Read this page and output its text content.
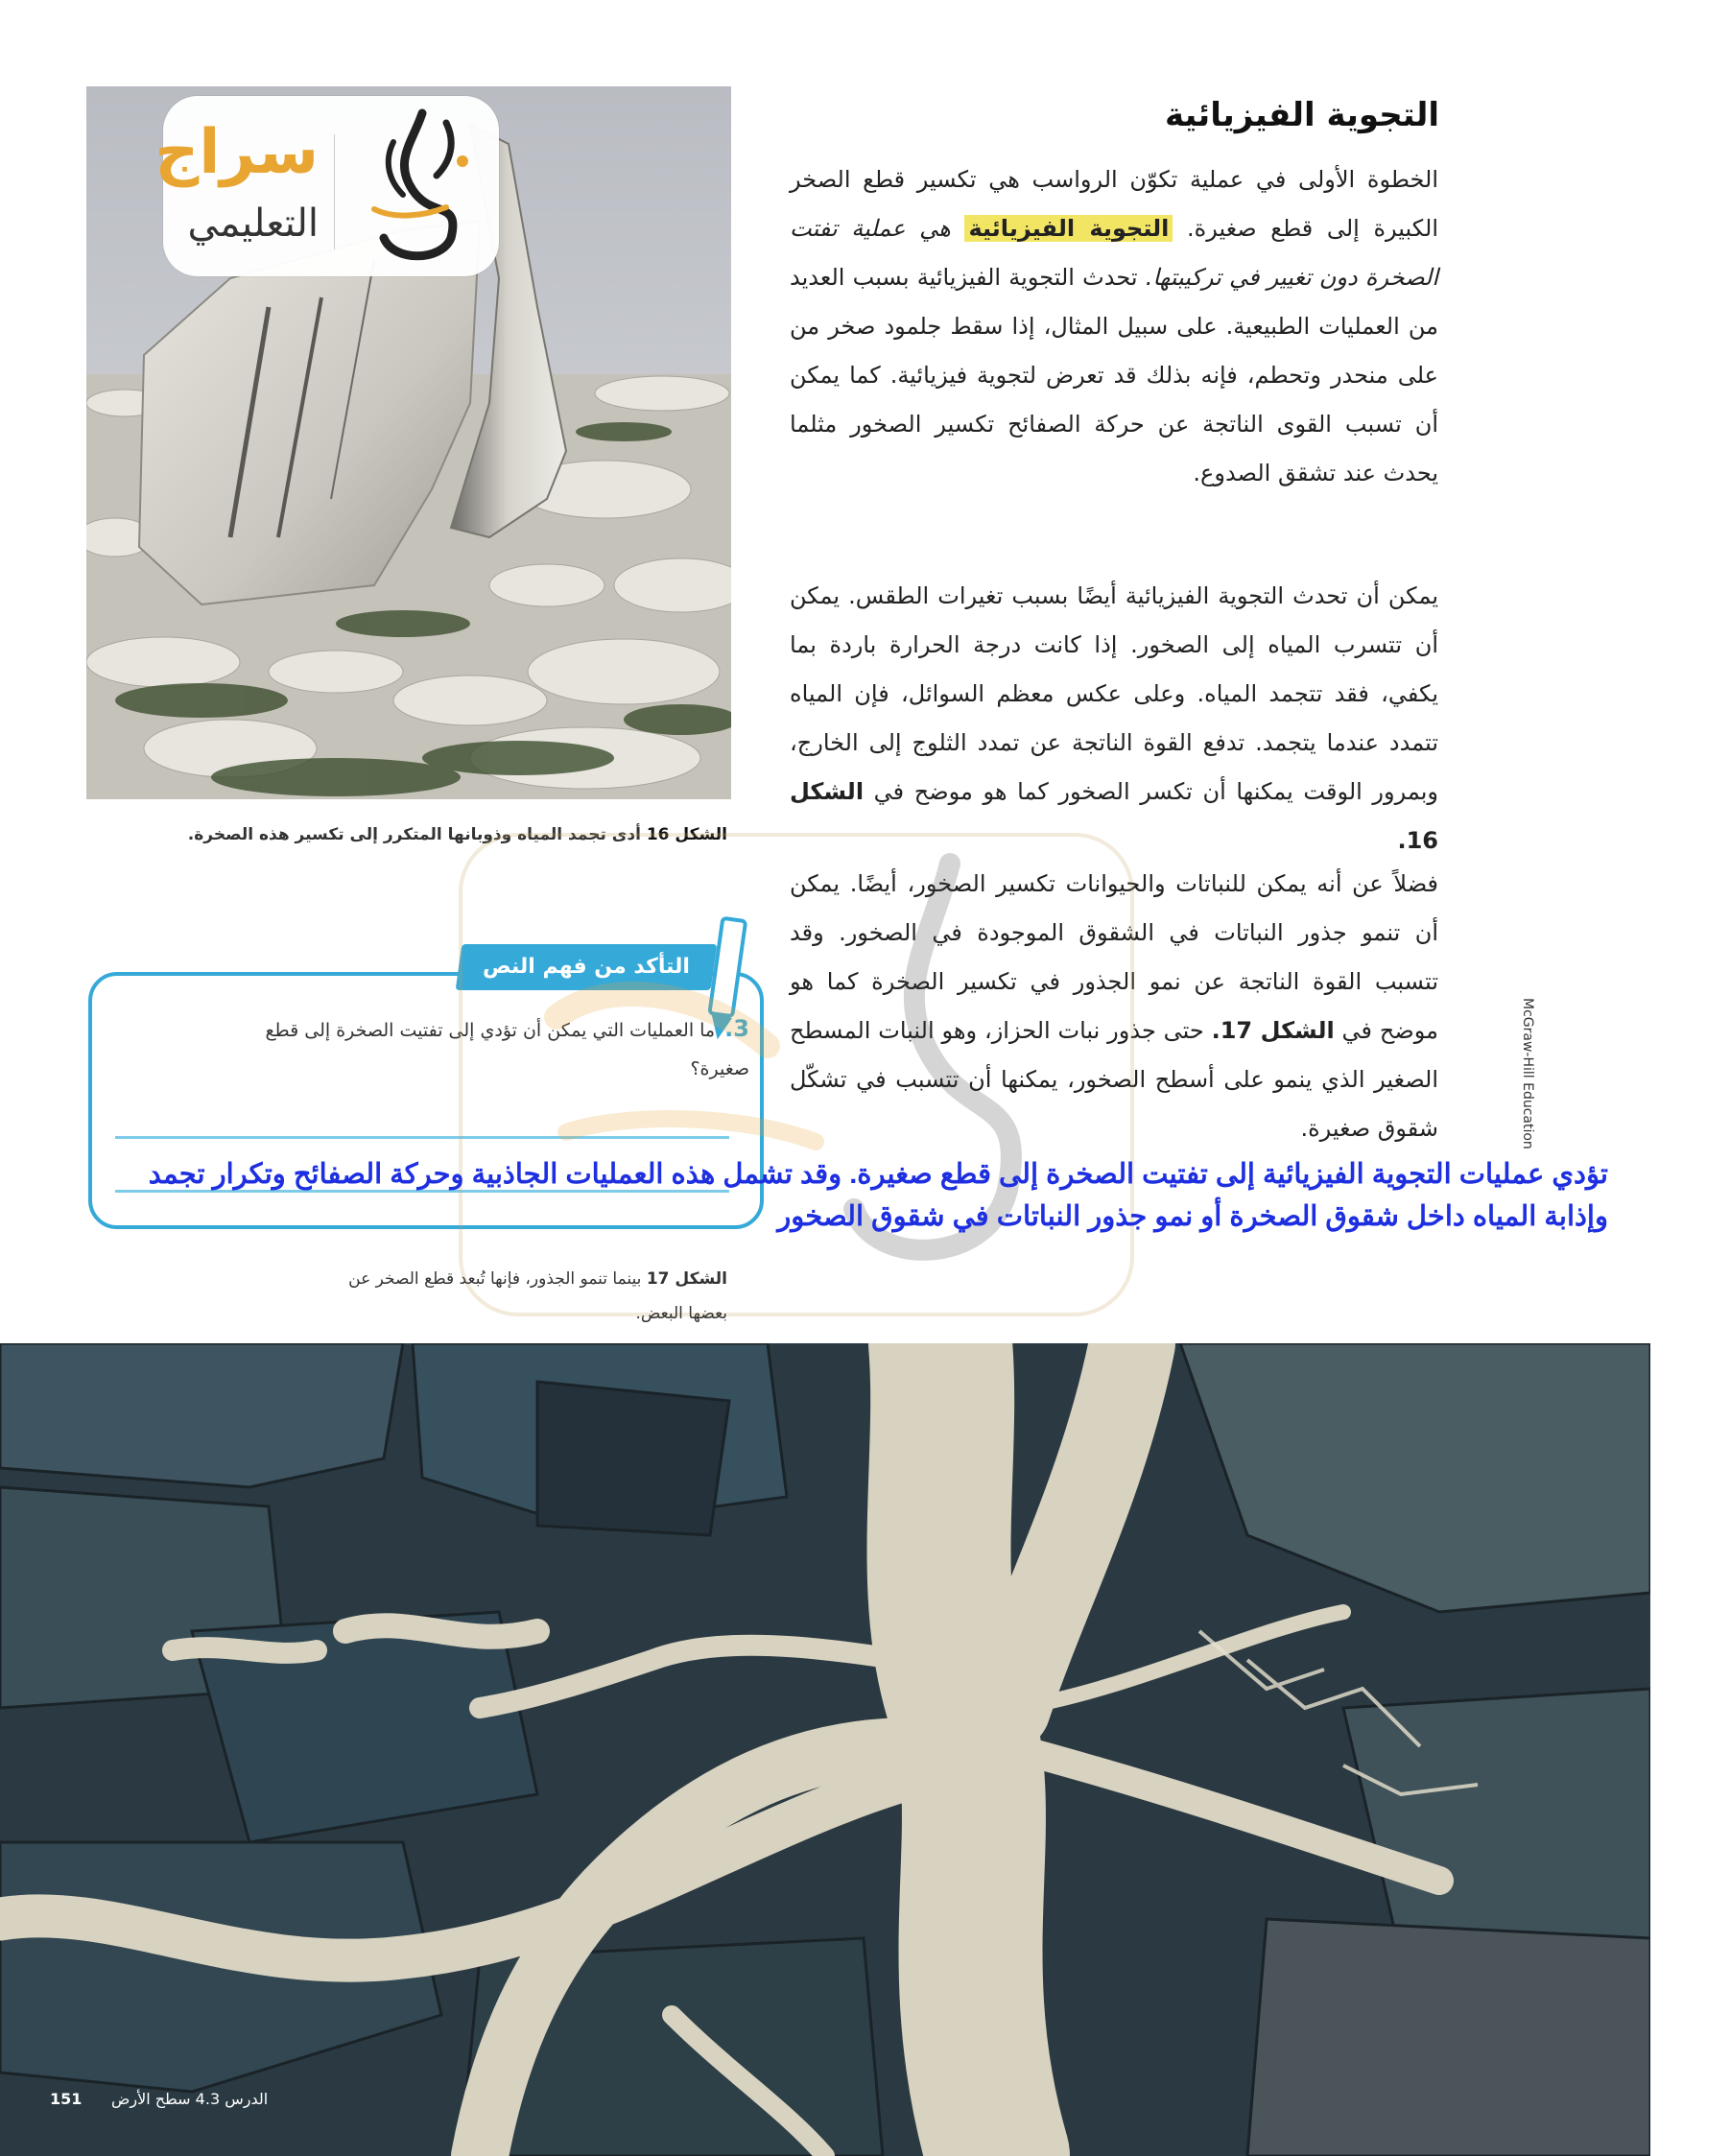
سراج
التعليمي
التجوية الفيزيائية
الخطوة الأولى في عملية تكوّن الرواسب هي تكسير قطع الصخر الكبيرة إلى قطع صغيرة. التجوية الفيزيائية هي عملية تفتت الصخرة دون تغيير في تركيبتها. تحدث التجوية الفيزيائية بسبب العديد من العمليات الطبيعية. على سبيل المثال، إذا سقط جلمود صخر من على منحدر وتحطم، فإنه بذلك قد تعرض لتجوية فيزيائية. كما يمكن أن تسبب القوى الناتجة عن حركة الصفائح تكسير الصخور مثلما يحدث عند تشقق الصدوع.
يمكن أن تحدث التجوية الفيزيائية أيضًا بسبب تغيرات الطقس. يمكن أن تتسرب المياه إلى الصخور. إذا كانت درجة الحرارة باردة بما يكفي، فقد تتجمد المياه. وعلى عكس معظم السوائل، فإن المياه تتمدد عندما يتجمد. تدفع القوة الناتجة عن تمدد الثلوج إلى الخارج، وبمرور الوقت يمكنها أن تكسر الصخور كما هو موضح في الشكل 16.
فضلاً عن أنه يمكن للنباتات والحيوانات تكسير الصخور، أيضًا. يمكن أن تنمو جذور النباتات في الشقوق الموجودة في الصخور. وقد تتسبب القوة الناتجة عن نمو الجذور في تكسير الصخرة كما هو موضح في الشكل 17. حتى جذور نبات الحزاز، وهو النبات المسطح الصغير الذي ينمو على أسطح الصخور، يمكنها أن تتسبب في تشكّل شقوق صغيرة.
الشكل 16 أدى تجمد المياه وذوبانها المتكرر إلى تكسير هذه الصخرة.
التأكد من فهم النص
3. ما العمليات التي يمكن أن تؤدي إلى تفتيت الصخرة إلى قطع صغيرة؟	McGraw-Hill Education
الشكل 17 بينما تنمو الجذور، فإنها تُبعد قطع الصخر عن بعضها البعض.
151 الدرس 4.3 سطح الأرض
تؤدي عمليات التجوية الفيزيائية إلى تفتيت الصخرة إلى قطع صغيرة. وقد تشمل هذه العمليات الجاذبية وحركة الصفائح وتكرار تجمد وإذابة المياه داخل شقوق الصخرة أو نمو جذور النباتات في شقوق الصخور
